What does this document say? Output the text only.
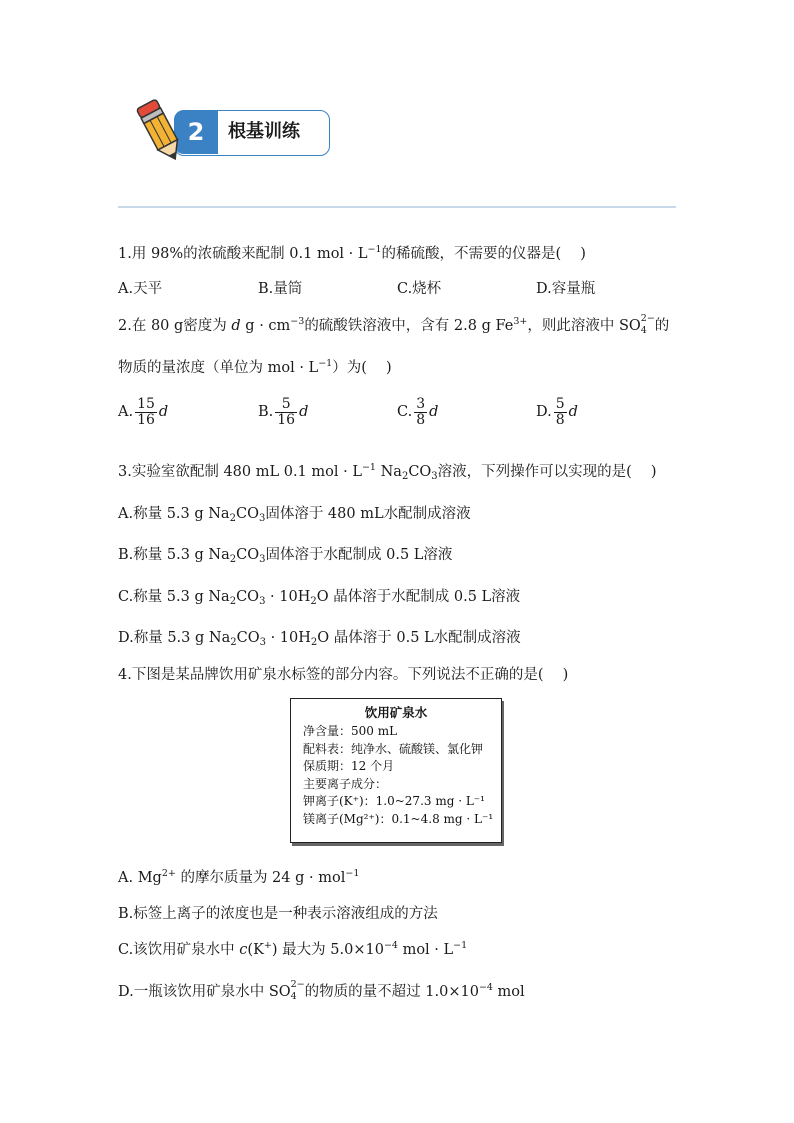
2	根基训练
1.用 98%的浓硫酸来配制 0.1 mol · $L^{-1}$的稀硫酸，不需要的仪器是(　 )
A.天平	B.量筒	C.烧杯	D.容量瓶
2.在 80 g密度为 d $g \cdot cm^{-3}$的硫酸铁溶液中，含有 2.8 g $Fe^{3+}$，则此溶液中 SO 2−
4 的
物质的量浓度（单位为 mol · $L^{-1}$）为(　 )
A. $\frac{15}{16}$ d	B. $\frac{5}{16}$ d	C. $\frac{3}{8}$ d	D. $\frac{5}{8}$ d
3.实验室欲配制 480 mL 0.1 mol · $L^{-1}$ $Na_2CO_3$溶液，下列操作可以实现的是(　 )
A.称量 5.3 g $Na_2CO_3$固体溶于 480 mL水配制成溶液
B.称量 5.3 g $Na_2CO_3$固体溶于水配制成 0.5 L溶液
C.称量 5.3 g $Na_2CO_3 \cdot 10H_2O$ 晶体溶于水配制成 0.5 L溶液
D.称量 5.3 g $Na_2CO_3 \cdot 10H_2O$ 晶体溶于 0.5 L水配制成溶液
4.下图是某品牌饮用矿泉水标签的部分内容。下列说法不正确的是(　 )
饮用矿泉水
净含量：500 mL
配料表：纯净水、硫酸镁、氯化钾
保质期：12 个月
主要离子成分：
钾离子(K⁺)：1.0~27.3 mg · L⁻¹
镁离子(Mg²⁺)：0.1~4.8 mg · L⁻¹
A. $Mg^{2+}$ 的摩尔质量为 24 g · mol$^{-1}$
B.标签上离子的浓度也是一种表示溶液组成的方法
C.该饮用矿泉水中 c(K+) 最大为 $5.0\times 10^{-4}$ mol · $L^{-1}$
D.一瓶该饮用矿泉水中 SO 2−
4 的物质的量不超过 $1.0\times 10^{-4}$ mol
